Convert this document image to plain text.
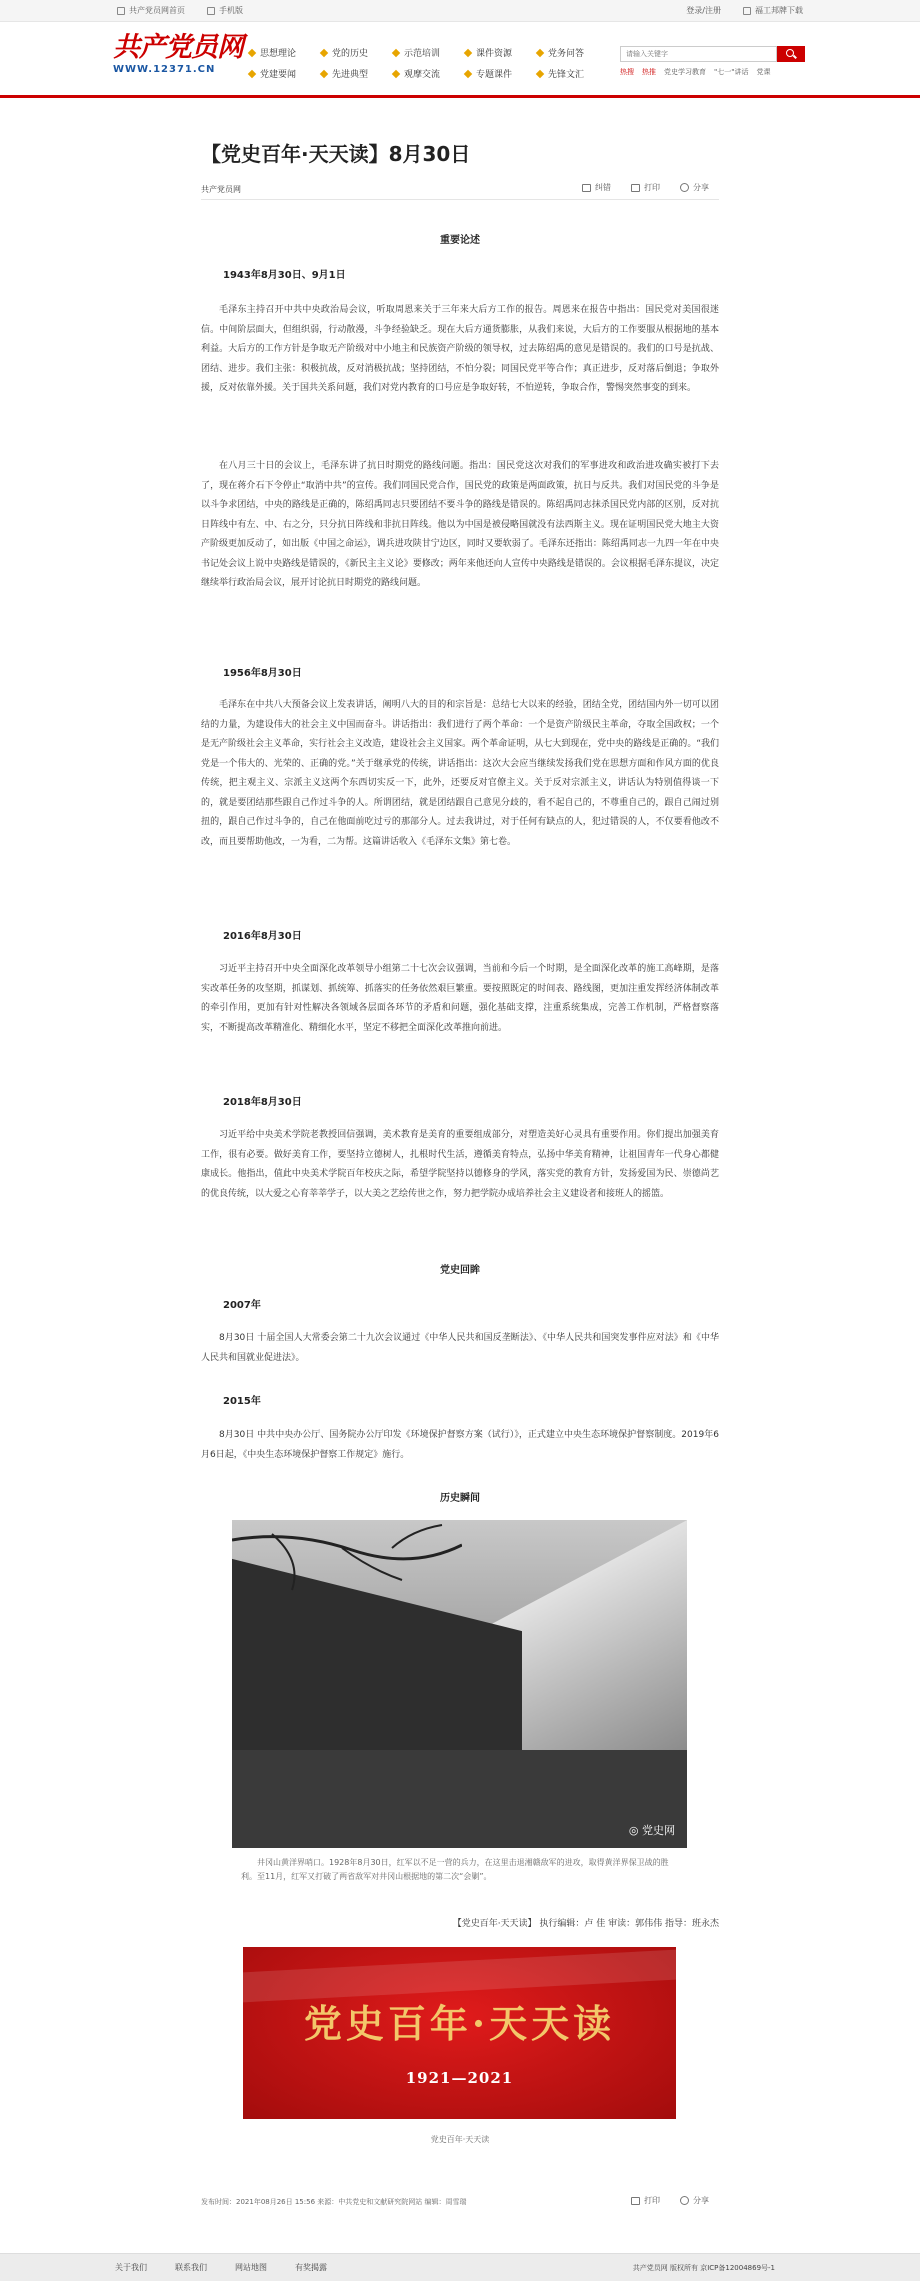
共产党员网首页	手机版	登录/注册	福工邦牌下载
共产党员网
WWW.12371.CN
思想理论	党的历史	示范培训	课件资源	党务问答
党建要闻	先进典型	观摩交流	专题课件	先锋文汇
请输入关键字	热搜 热推 党史学习教育 "七一"讲话 党课
【党史百年·天天读】8月30日
共产党员网	纠错	打印	分享
重要论述
1943年8月30日、9月1日

毛泽东主持召开中共中央政治局会议，听取周恩来关于三年来大后方工作的报告。周恩来在报告中指出：国民党对美国很迷信。中间阶层面大，但组织弱，行动散漫，斗争经验缺乏。现在大后方通货膨胀，从我们来说，大后方的工作要服从根据地的基本利益。大后方的工作方针是争取无产阶级对中小地主和民族资产阶级的领导权，过去陈绍禹的意见是错误的。我们的口号是抗战、团结、进步。我们主张：积极抗战，反对消极抗战；坚持团结，不怕分裂；同国民党平等合作；真正进步，反对落后倒退；争取外援，反对依靠外援。关于国共关系问题，我们对党内教育的口号应是争取好转，不怕逆转，争取合作，警惕突然事变的到来。

在八月三十日的会议上，毛泽东讲了抗日时期党的路线问题。指出：国民党这次对我们的军事进攻和政治进攻确实被打下去了，现在蒋介石下令停止“取消中共”的宣传。我们同国民党合作，国民党的政策是两面政策，抗日与反共。我们对国民党的斗争是以斗争求团结，中央的路线是正确的，陈绍禹同志只要团结不要斗争的路线是错误的。陈绍禹同志抹杀国民党内部的区别，反对抗日阵线中有左、中、右之分，只分抗日阵线和非抗日阵线。他以为中国是被侵略国就没有法西斯主义。现在证明国民党大地主大资产阶级更加反动了，如出版《中国之命运》，调兵进攻陕甘宁边区，同时又要软弱了。毛泽东还指出：陈绍禹同志一九四一年在中央书记处会议上说中央路线是错误的，《新民主主义论》要修改；两年来他还向人宣传中央路线是错误的。会议根据毛泽东提议，决定继续举行政治局会议，展开讨论抗日时期党的路线问题。

1956年8月30日

毛泽东在中共八大预备会议上发表讲话，阐明八大的目的和宗旨是：总结七大以来的经验，团结全党，团结国内外一切可以团结的力量，为建设伟大的社会主义中国而奋斗。讲话指出：我们进行了两个革命：一个是资产阶级民主革命，夺取全国政权；一个是无产阶级社会主义革命，实行社会主义改造，建设社会主义国家。两个革命证明，从七大到现在，党中央的路线是正确的。“我们党是一个伟大的、光荣的、正确的党。”关于继承党的传统，讲话指出：这次大会应当继续发扬我们党在思想方面和作风方面的优良传统，把主观主义、宗派主义这两个东西切实反一下，此外，还要反对官僚主义。关于反对宗派主义，讲话认为特别值得谈一下的，就是要团结那些跟自己作过斗争的人。所谓团结，就是团结跟自己意见分歧的，看不起自己的，不尊重自己的，跟自己闹过别扭的，跟自己作过斗争的，自己在他面前吃过亏的那部分人。过去我讲过，对于任何有缺点的人，犯过错误的人，不仅要看他改不改，而且要帮助他改，一为看，二为帮。这篇讲话收入《毛泽东文集》第七卷。

2016年8月30日

习近平主持召开中央全面深化改革领导小组第二十七次会议强调，当前和今后一个时期，是全面深化改革的施工高峰期，是落实改革任务的攻坚期，抓谋划、抓统筹、抓落实的任务依然艰巨繁重。要按照既定的时间表、路线图，更加注重发挥经济体制改革的牵引作用，更加有针对性解决各领域各层面各环节的矛盾和问题，强化基础支撑，注重系统集成，完善工作机制，严格督察落实，不断提高改革精准化、精细化水平，坚定不移把全面深化改革推向前进。

2018年8月30日

习近平给中央美术学院老教授回信强调，美术教育是美育的重要组成部分，对塑造美好心灵具有重要作用。你们提出加强美育工作，很有必要。做好美育工作，要坚持立德树人，扎根时代生活，遵循美育特点，弘扬中华美育精神，让祖国青年一代身心都健康成长。他指出，值此中央美术学院百年校庆之际，希望学院坚持以德修身的学风，落实党的教育方针，发扬爱国为民、崇德尚艺的优良传统，以大爱之心育莘莘学子，以大美之艺绘传世之作，努力把学院办成培养社会主义建设者和接班人的摇篮。

党史回眸
2007年

8月30日 十届全国人大常委会第二十九次会议通过《中华人民共和国反垄断法》、《中华人民共和国突发事件应对法》和《中华人民共和国就业促进法》。

2015年

8月30日 中共中央办公厅、国务院办公厅印发《环境保护督察方案（试行）》，正式建立中央生态环境保护督察制度。2019年6月6日起，《中央生态环境保护督察工作规定》施行。

历史瞬间
◎ 党史网

井冈山黄洋界哨口。1928年8月30日，红军以不足一营的兵力，在这里击退湘赣敌军的进攻，取得黄洋界保卫战的胜利。至11月，红军又打破了两省敌军对井冈山根据地的第二次“会剿”。

【党史百年·天天读】 执行编辑：卢 佳 审读：郭伟伟 指导：班永杰
党史百年·天天读
1921—2021
党史百年·天天读
发布时间：2021年08月26日 15:56 来源：中共党史和文献研究院网站 编辑：周雪瑞	打印	分享
关于我们	联系我们	网站地图	有奖揭露	共产党员网 版权所有 京ICP备12004869号-1
